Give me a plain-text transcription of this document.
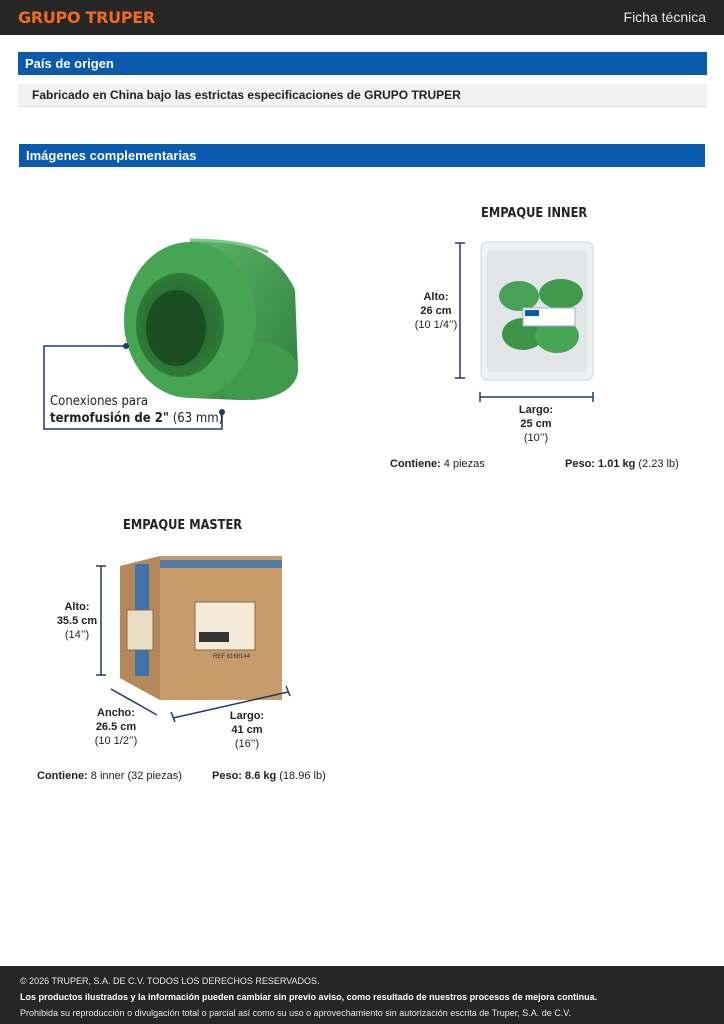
GRUPO TRUPER	Ficha técnica
País de origen
Fabricado en China bajo las estrictas especificaciones de GRUPO TRUPER
Imágenes complementarias
Conexiones para
termofusión de 2" (63 mm)
EMPAQUE INNER
Alto:
26 cm
(10 1/4’’)
Largo:
25 cm
(10’’)
Contiene: 4 piezas	Peso: 1.01 kg (2.23 lb)
EMPAQUE MASTER
REF 8168144
Alto:
35.5 cm
(14’’)
Ancho:
26.5 cm
(10 1/2’’)
Largo:
41 cm
(16’’)
Contiene: 8 inner (32 piezas)	Peso: 8.6 kg (18.96 lb)
© 2026 TRUPER, S.A. DE C.V. TODOS LOS DERECHOS RESERVADOS.
Los productos ilustrados y la información pueden cambiar sin previo aviso, como resultado de nuestros procesos de mejora continua.
Prohibida su reproducción o divulgación total o parcial así como su uso o aprovechamiento sin autorización escrita de Truper, S.A. de C.V.
